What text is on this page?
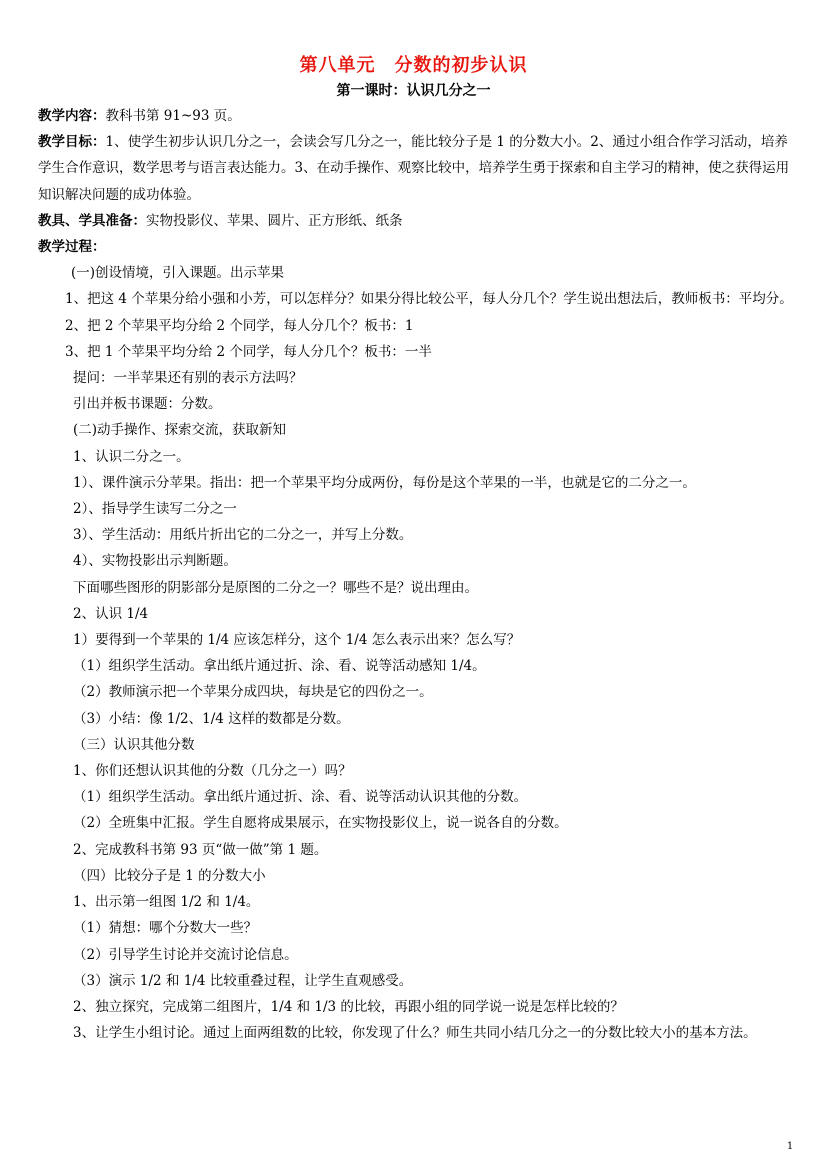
第八单元　分数的初步认识
第一课时：认识几分之一

教学内容：教科书第 91~93 页。

教学目标：1、使学生初步认识几分之一，会读会写几分之一，能比较分子是 1 的分数大小。2、通过小组合作学习活动，培养学生合作意识，数学思考与语言表达能力。3、在动手操作、观察比较中，培养学生勇于探索和自主学习的精神，使之获得运用知识解决问题的成功体验。

教具、学具准备：实物投影仪、苹果、圆片、正方形纸、纸条

教学过程：

(一)创设情境，引入课题。出示苹果

1、把这 4 个苹果分给小强和小芳，可以怎样分？如果分得比较公平，每人分几个？学生说出想法后，教师板书：平均分。

2、把 2 个苹果平均分给 2 个同学，每人分几个？板书：1

3、把 1 个苹果平均分给 2 个同学，每人分几个？板书：一半

提问：一半苹果还有别的表示方法吗？

引出并板书课题：分数。

(二)动手操作、探索交流，获取新知

1、认识二分之一。

1）、课件演示分苹果。指出：把一个苹果平均分成两份，每份是这个苹果的一半，也就是它的二分之一。

2）、指导学生读写二分之一

3）、学生活动：用纸片折出它的二分之一，并写上分数。

4）、实物投影出示判断题。

下面哪些图形的阴影部分是原图的二分之一？哪些不是？说出理由。

2、认识 1/4

1）要得到一个苹果的 1/4 应该怎样分，这个 1/4 怎么表示出来？怎么写？

（1）组织学生活动。拿出纸片通过折、涂、看、说等活动感知 1/4。

（2）教师演示把一个苹果分成四块，每块是它的四份之一。

（3）小结：像 1/2、1/4 这样的数都是分数。

（三）认识其他分数

1、你们还想认识其他的分数（几分之一）吗？

（1）组织学生活动。拿出纸片通过折、涂、看、说等活动认识其他的分数。

（2）全班集中汇报。学生自愿将成果展示，在实物投影仪上，说一说各自的分数。

2、完成教科书第 93 页“做一做”第 1 题。

（四）比较分子是 1 的分数大小

1、出示第一组图 1/2 和 1/4。

（1）猜想：哪个分数大一些？

（2）引导学生讨论并交流讨论信息。

（3）演示 1/2 和 1/4 比较重叠过程，让学生直观感受。

2、独立探究，完成第二组图片，1/4 和 1/3 的比较，再跟小组的同学说一说是怎样比较的？

3、让学生小组讨论。通过上面两组数的比较，你发现了什么？师生共同小结几分之一的分数比较大小的基本方法。

1
